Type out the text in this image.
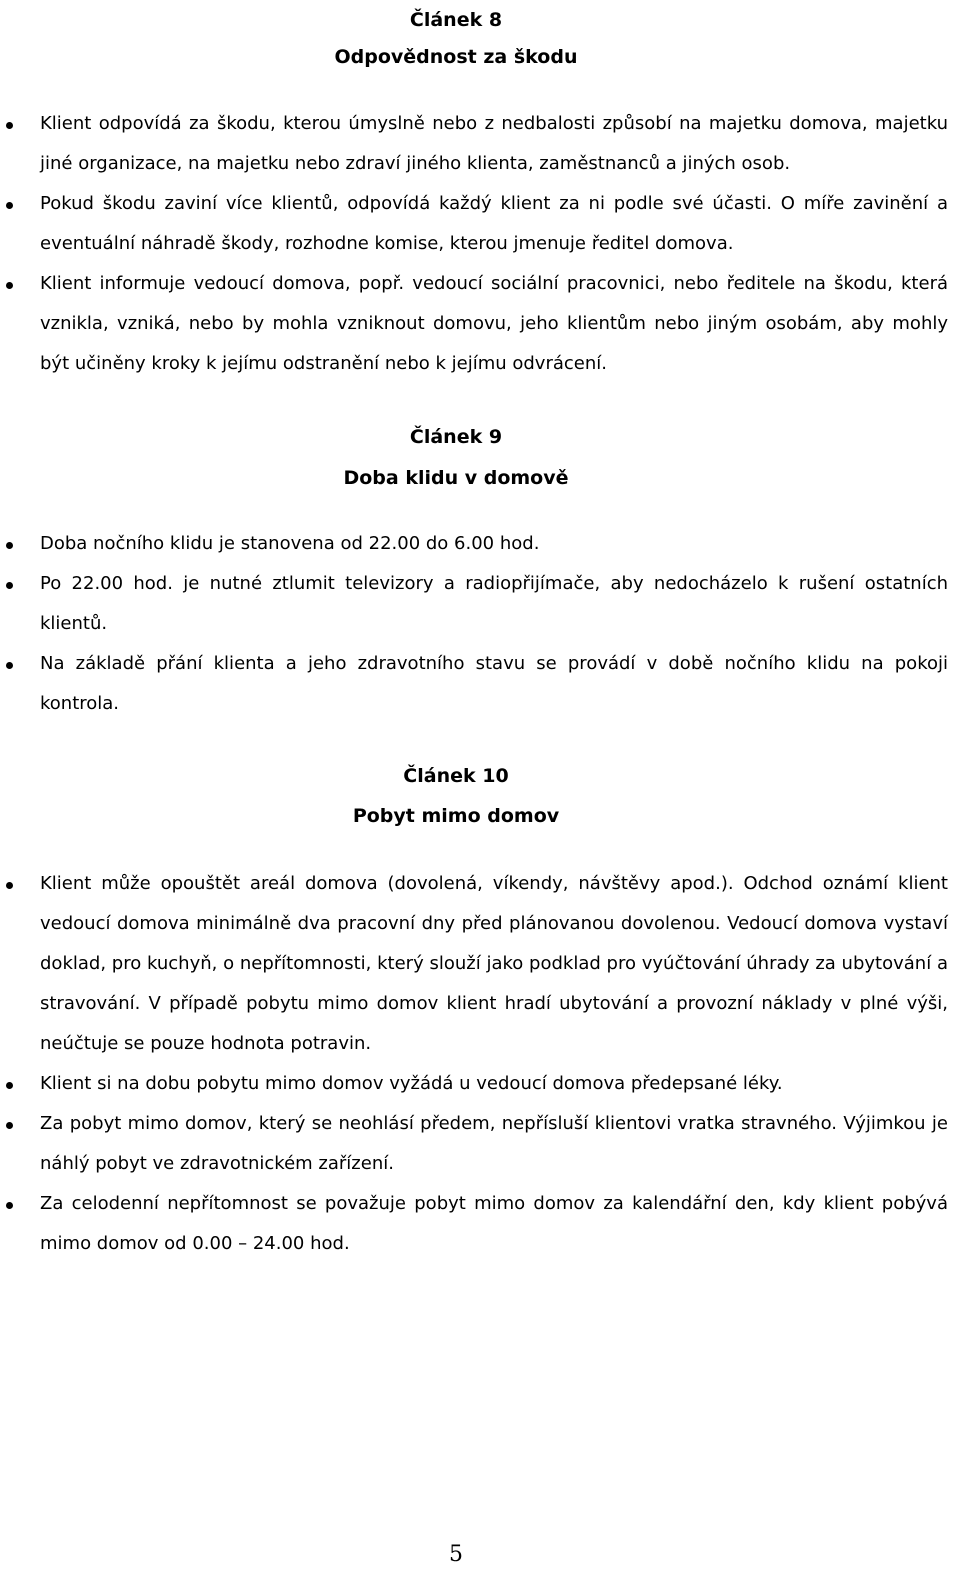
Článek 8
Odpovědnost za škodu
Klient odpovídá za škodu, kterou úmyslně nebo z nedbalosti způsobí na majetku domova, majetku jiné organizace, na majetku nebo zdraví jiného klienta, zaměstnanců a jiných osob.
Pokud škodu zaviní více klientů, odpovídá každý klient za ni podle své účasti. O míře zavinění a eventuální náhradě škody, rozhodne komise, kterou jmenuje ředitel domova.
Klient informuje vedoucí domova, popř. vedoucí sociální pracovnici, nebo ředitele na škodu, která vznikla, vzniká, nebo by mohla vzniknout domovu, jeho klientům nebo jiným osobám, aby mohly být učiněny kroky k jejímu odstranění nebo k jejímu odvrácení.
Článek 9
Doba klidu v domově
Doba nočního klidu je stanovena od 22.00 do 6.00 hod.
Po 22.00 hod. je nutné ztlumit televizory a radiopřijímače, aby nedocházelo k rušení ostatních klientů.
Na základě přání klienta a jeho zdravotního stavu se provádí v době nočního klidu na pokoji kontrola.
Článek 10
Pobyt mimo domov
Klient může opouštět areál domova (dovolená, víkendy, návštěvy apod.). Odchod oznámí klient vedoucí domova minimálně dva pracovní dny před plánovanou dovolenou. Vedoucí domova vystaví doklad, pro kuchyň, o nepřítomnosti, který slouží jako podklad pro vyúčtování úhrady za ubytování a stravování. V případě pobytu mimo domov klient hradí ubytování a provozní náklady v plné výši, neúčtuje se pouze hodnota potravin.
Klient si na dobu pobytu mimo domov vyžádá u vedoucí domova předepsané léky.
Za pobyt mimo domov, který se neohlásí předem, nepřísluší klientovi vratka stravného. Výjimkou je náhlý pobyt ve zdravotnickém zařízení.
Za celodenní nepřítomnost se považuje pobyt mimo domov za kalendářní den, kdy klient pobývá mimo domov od 0.00 – 24.00 hod.
5
